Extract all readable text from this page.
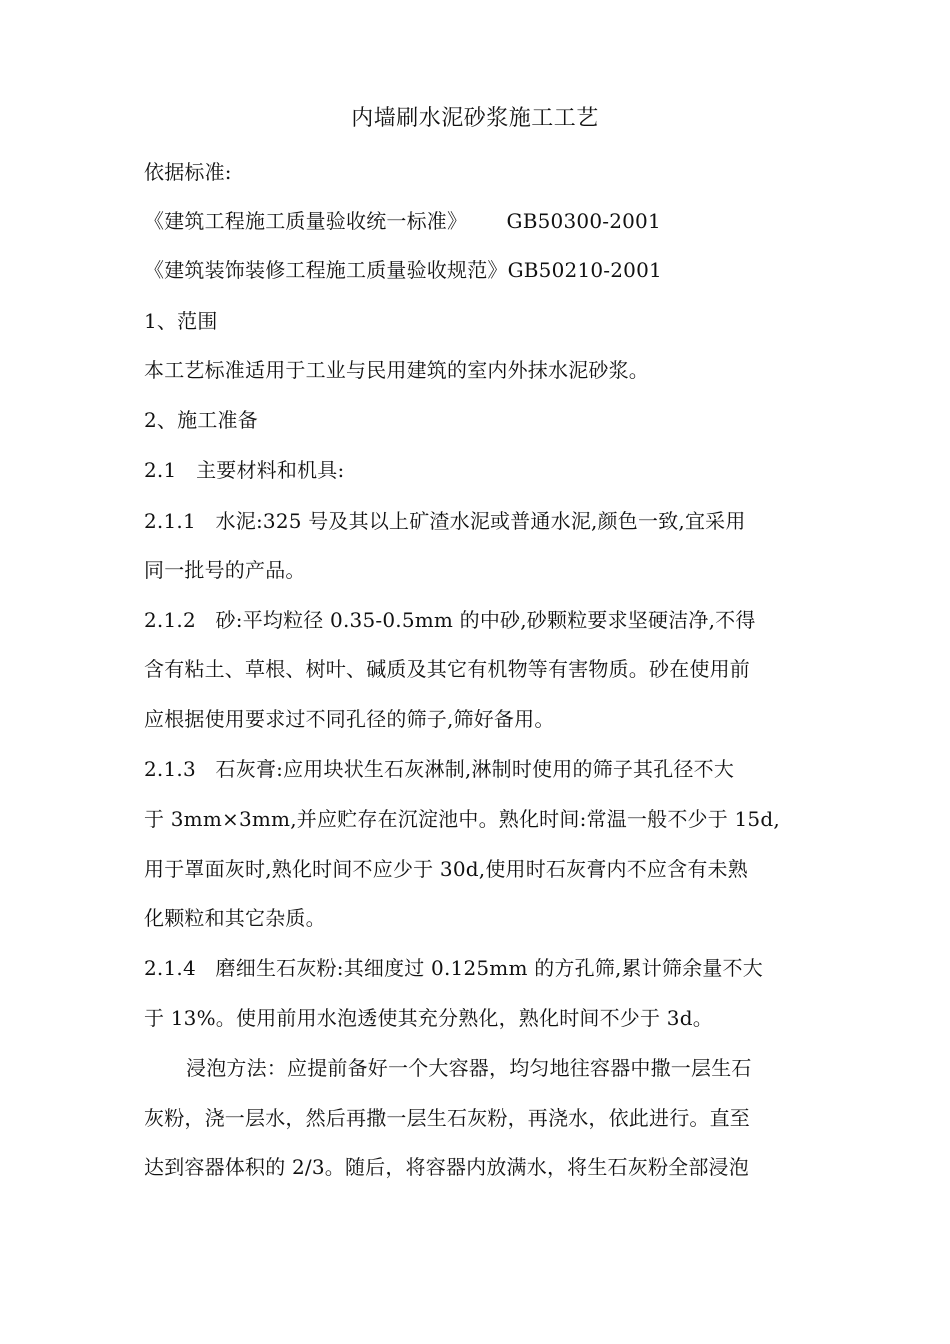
内墙刷水泥砂浆施工工艺
依据标准:
《建筑工程施工质量验收统一标准》      GB50300-2001
《建筑装饰装修工程施工质量验收规范》GB50210-2001
1、范围
本工艺标准适用于工业与民用建筑的室内外抹水泥砂浆。
2、施工准备
2.1   主要材料和机具:
2.1.1   水泥:325 号及其以上矿渣水泥或普通水泥,颜色一致,宜采用
同一批号的产品。
2.1.2   砂:平均粒径 0.35-0.5mm 的中砂,砂颗粒要求坚硬洁净,不得
含有粘土、草根、树叶、碱质及其它有机物等有害物质。砂在使用前
应根据使用要求过不同孔径的筛子,筛好备用。
2.1.3   石灰膏:应用块状生石灰淋制,淋制时使用的筛子其孔径不大
于 3mm×3mm,并应贮存在沉淀池中。熟化时间:常温一般不少于 15d,
用于罩面灰时,熟化时间不应少于 30d,使用时石灰膏内不应含有未熟
化颗粒和其它杂质。
2.1.4   磨细生石灰粉:其细度过 0.125mm 的方孔筛,累计筛余量不大
于 13%。使用前用水泡透使其充分熟化，熟化时间不少于 3d。
浸泡方法：应提前备好一个大容器，均匀地往容器中撒一层生石
灰粉，浇一层水，然后再撒一层生石灰粉，再浇水，依此进行。直至
达到容器体积的 2/3。随后，将容器内放满水，将生石灰粉全部浸泡
